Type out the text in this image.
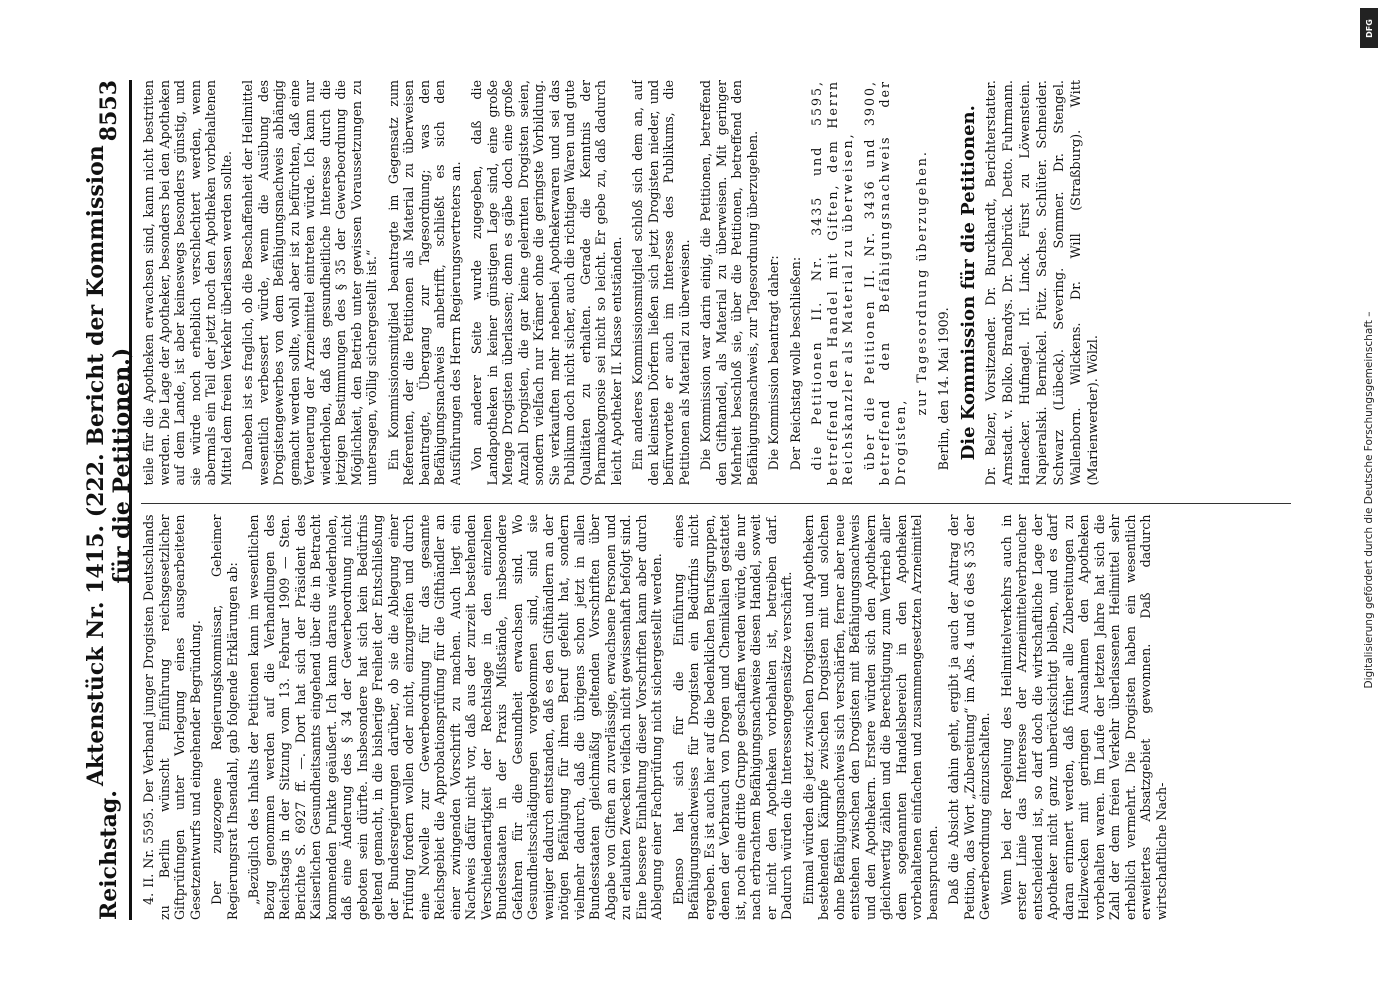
Reichstag.
Aktenstück Nr. 1415. (222. Bericht der Kommission für die Petitionen.)
8553

4. II. Nr. 5595. Der Verband junger Drogisten Deutschlands zu Berlin wünscht Einführung reichsgesetzlicher Giftprüfungen unter Vorlegung eines ausgearbeiteten Gesetzentwurfs und eingehender Begründung. Der zugezogene Regierungskommissar, Geheimer Regierungsrat Ihsendahl, gab folgende Erklärungen ab: „Bezüglich des Inhalts der Petitionen kann im wesentlichen Bezug genommen werden auf die Verhandlungen des Reichstags in der Sitzung vom 13. Februar 1909 — Sten. Berichte S. 6927 ff. —. Dort hat sich der Präsident des Kaiserlichen Gesundheitsamts eingehend über die in Betracht kommenden Punkte geäußert. Ich kann daraus wiederholen, daß eine Änderung des § 34 der Gewerbeordnung nicht geboten sein dürfte. Insbesondere hat sich kein Bedürfnis geltend gemacht, in die bisherige Freiheit der Entschließung der Bundesregierungen darüber, ob sie die Ablegung einer Prüfung fordern wollen oder nicht, einzugreifen und durch eine Novelle zur Gewerbeordnung für das gesamte Reichsgebiet die Approbationsprüfung für die Gifthändler an einer zwingenden Vorschrift zu machen. Auch liegt ein Nachweis dafür nicht vor, daß aus der zurzeit bestehenden Verschiedenartigkeit der Rechtslage in den einzelnen Bundesstaaten in der Praxis Mißstände, insbesondere Gefahren für die Gesundheit erwachsen sind. Wo Gesundheitsschädigungen vorgekommen sind, sind sie weniger dadurch entstanden, daß es den Gifthändlern an der nötigen Befähigung für ihren Beruf gefehlt hat, sondern vielmehr dadurch, daß die übrigens schon jetzt in allen Bundesstaaten gleichmäßig geltenden Vorschriften über Abgabe von Giften an zuverlässige, erwachsene Personen und zu erlaubten Zwecken vielfach nicht gewissenhaft befolgt sind. Eine bessere Einhaltung dieser Vorschriften kann aber durch Ablegung einer Fachprüfung nicht sichergestellt werden. Ebenso hat sich für die Einführung eines Befähigungsnachweises für Drogisten ein Bedürfnis nicht ergeben. Es ist auch hier auf die bedenklichen Berufsgruppen, denen der Verbrauch von Drogen und Chemikalien gestattet ist, noch eine dritte Gruppe geschaffen werden würde, die nur nach erbrachtem Befähigungsnachweise diesen Handel, soweit er nicht den Apotheken vorbehalten ist, betreiben darf. Dadurch würden die Interessengegensätze verschärft. Einmal würden die jetzt zwischen Drogisten und Apothekern bestehenden Kämpfe zwischen Drogisten mit und solchen ohne Befähigungsnachweis sich verschärfen, ferner aber neue entstehen zwischen den Drogisten mit Befähigungsnachweis und den Apothekern. Erstere würden sich den Apothekern gleichwertig zählen und die Berechtigung zum Vertrieb aller dem sogenannten Handelsbereich in den Apotheken vorbehaltenen einfachen und zusammengesetzten Arzneimittel beanspruchen. Daß die Absicht dahin geht, ergibt ja auch der Antrag der Petition, das Wort „Zubereitung“ im Abs. 4 und 6 des § 35 der Gewerbeordnung einzuschalten. Wenn bei der Regelung des Heilmittelverkehrs auch in erster Linie das Interesse der Arzneimittelverbraucher entscheidend ist, so darf doch die wirtschaftliche Lage der Apotheker nicht ganz unberücksichtigt bleiben, und es darf daran erinnert werden, daß früher alle Zubereitungen zu Heilzwecken mit geringen Ausnahmen den Apotheken vorbehalten waren. Im Laufe der letzten Jahre hat sich die Zahl der dem freien Verkehr überlassenen Heilmittel sehr erheblich vermehrt. Die Drogisten haben ein wesentlich erweitertes Absatzgebiet gewonnen. Daß dadurch wirtschaftliche Nach-

teile für die Apotheken erwachsen sind, kann nicht bestritten werden. Die Lage der Apotheker, besonders bei den Apotheken auf dem Lande, ist aber keineswegs besonders günstig, und sie würde noch erheblich verschlechtert werden, wenn abermals ein Teil der jetzt noch den Apotheken vorbehaltenen Mittel dem freien Verkehr überlassen werden sollte. Daneben ist es fraglich, ob die Beschaffenheit der Heilmittel wesentlich verbessert würde, wenn die Ausübung des Drogistengewerbes von dem Befähigungsnachweis abhängig gemacht werden sollte, wohl aber ist zu befürchten, daß eine Verteuerung der Arzneimittel eintreten würde. Ich kann nur wiederholen, daß das gesundheitliche Interesse durch die jetzigen Bestimmungen des § 35 der Gewerbeordnung die Möglichkeit, den Betrieb unter gewissen Voraussetzungen zu untersagen, völlig sichergestellt ist.“ Ein Kommissionsmitglied beantragte im Gegensatz zum Referenten, der die Petitionen als Material zu überweisen beantragte, Übergang zur Tagesordnung; was den Befähigungsnachweis anbetrifft, schließt es sich den Ausführungen des Herrn Regierungsvertreters an. Von anderer Seite wurde zugegeben, daß die Landapotheken in keiner günstigen Lage sind, eine große Menge Drogisten überlassen; denn es gäbe doch eine große Anzahl Drogisten, die gar keine gelernten Drogisten seien, sondern vielfach nur Krämer ohne die geringste Vorbildung. Sie verkauften mehr nebenbei Apothekerwaren und sei das Publikum doch nicht sicher, auch die richtigen Waren und gute Qualitäten zu erhalten. Gerade die Kenntnis der Pharmakognosie sei nicht so leicht. Er gebe zu, daß dadurch leicht Apotheker II. Klasse entständen. Ein anderes Kommissionsmitglied schloß sich dem an, auf den kleinsten Dörfern ließen sich jetzt Drogisten nieder, und befürwortete er auch im Interesse des Publikums, die Petitionen als Material zu überweisen. Die Kommission war darin einig, die Petitionen, betreffend den Gifthandel, als Material zu überweisen. Mit geringer Mehrheit beschloß sie, über die Petitionen, betreffend den Befähigungsnachweis, zur Tagesordnung überzugehen. Die Kommission beantragt daher: Der Reichstag wolle beschließen: die Petitionen II. Nr. 3435 und 5595, betreffend den Handel mit Giften, dem Herrn Reichskanzler als Material zu überweisen, über die Petitionen II. Nr. 3436 und 3900, betreffend den Befähigungsnachweis der Drogisten,

zur Tagesordnung überzugehen. Berlin, den 14. Mai 1909. Die Kommission für die Petitionen. Dr. Belzer, Vorsitzender. Dr. Burckhardt, Berichterstatter. Arnstadt. v. Bolko. Brandys. Dr. Delbrück. Detto. Fuhrmann. Hanecker. Hufnagel. Irl. Linck. Fürst zu Löwenstein. Napieralski. Bernickel. Pütz. Sachse. Schlüter. Schneider. Schwarz (Lübeck). Severing. Sommer. Dr. Stengel. Wallenborn. Wilckens. Dr. Will (Straßburg). Witt (Marienwerder). Wölzl.

DFG
Digitalisierung gefördert durch die Deutsche Forschungsgemeinschaft –
